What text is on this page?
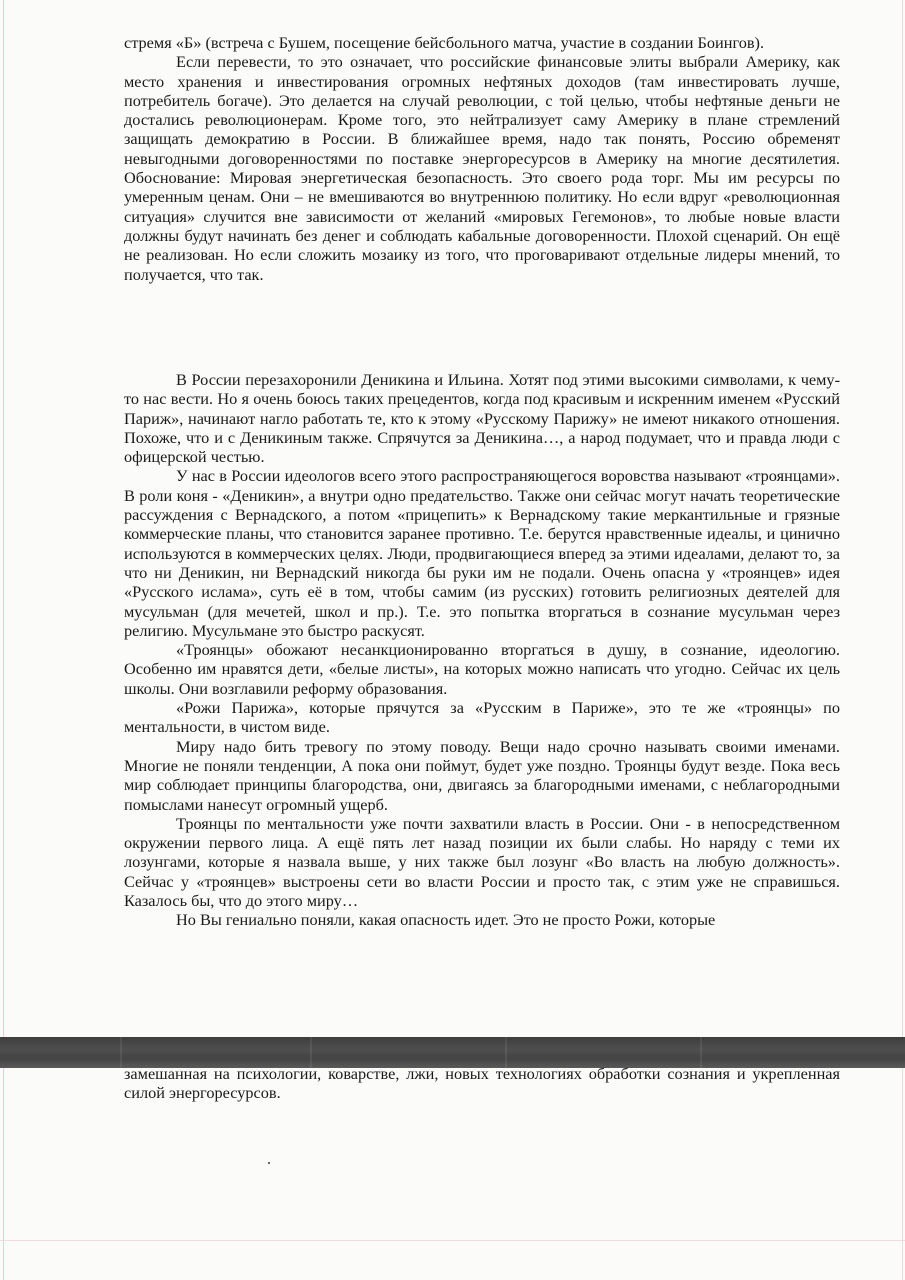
стремя «Б» (встреча с Бушем, посещение бейсбольного матча, участие в создании Боингов).

Если перевести, то это означает, что российские финансовые элиты выбрали Америку, как место хранения и инвестирования огромных нефтяных доходов (там инвестировать лучше, потребитель богаче). Это делается на случай революции, с той целью, чтобы нефтяные деньги не достались революционерам. Кроме того, это нейтрализует саму Америку в плане стремлений защищать демократию в России. В ближайшее время, надо так понять, Россию обременят невыгодными договоренностями по поставке энергоресурсов в Америку на многие десятилетия. Обоснование: Мировая энергетическая безопасность. Это своего рода торг. Мы им ресурсы по умеренным ценам. Они – не вмешиваются во внутреннюю политику. Но если вдруг «революционная ситуация» случится вне зависимости от желаний «мировых Гегемонов», то любые новые власти должны будут начинать без денег и соблюдать кабальные договоренности. Плохой сценарий. Он ещё не реализован. Но если сложить мозаику из того, что проговаривают отдельные лидеры мнений, то получается, что так.

В России перезахоронили Деникина и Ильина. Хотят под этими высокими символами, к чему-то нас вести. Но я очень боюсь таких прецедентов, когда под красивым и искренним именем «Русский Париж», начинают нагло работать те, кто к этому «Русскому Парижу» не имеют никакого отношения. Похоже, что и с Деникиным также. Спрячутся за Деникина…, а народ подумает, что и правда люди с офицерской честью.

У нас в России идеологов всего этого распространяющегося воровства называют «троянцами». В роли коня - «Деникин», а внутри одно предательство. Также они сейчас могут начать теоретические рассуждения с Вернадского, а потом «прицепить» к Вернадскому такие меркантильные и грязные коммерческие планы, что становится заранее противно. Т.е. берутся нравственные идеалы, и цинично используются в коммерческих целях. Люди, продвигающиеся вперед за этими идеалами, делают то, за что ни Деникин, ни Вернадский никогда бы руки им не подали. Очень опасна у «троянцев» идея «Русского ислама», суть её в том, чтобы самим (из русских) готовить религиозных деятелей для мусульман (для мечетей, школ и пр.). Т.е. это попытка вторгаться в сознание мусульман через религию. Мусульмане это быстро раскусят.

«Троянцы» обожают несанкционированно вторгаться в душу, в сознание, идеологию. Особенно им нравятся дети, «белые листы», на которых можно написать что угодно. Сейчас их цель школы. Они возглавили реформу образования.

«Рожи Парижа», которые прячутся за «Русским в Париже», это те же «троянцы» по ментальности, в чистом виде.

Миру надо бить тревогу по этому поводу. Вещи надо срочно называть своими именами. Многие не поняли тенденции, А пока они поймут, будет уже поздно. Троянцы будут везде. Пока весь мир соблюдает принципы благородства, они, двигаясь за благородными именами, с неблагородными помыслами нанесут огромный ущерб.

Троянцы по ментальности уже почти захватили власть в России. Они - в непосредственном окружении первого лица. А ещё пять лет назад позиции их были слабы. Но наряду с теми их лозунгами, которые я назвала выше, у них также был лозунг «Во власть на любую должность». Сейчас у «троянцев» выстроены сети во власти России и просто так, с этим уже не справишься. Казалось бы, что до этого миру…

Но Вы гениально поняли, какая опасность идет. Это не просто Рожи, которые

замешанная на психологии, коварстве, лжи, новых технологиях обработки сознания и укрепленная силой энергоресурсов.
